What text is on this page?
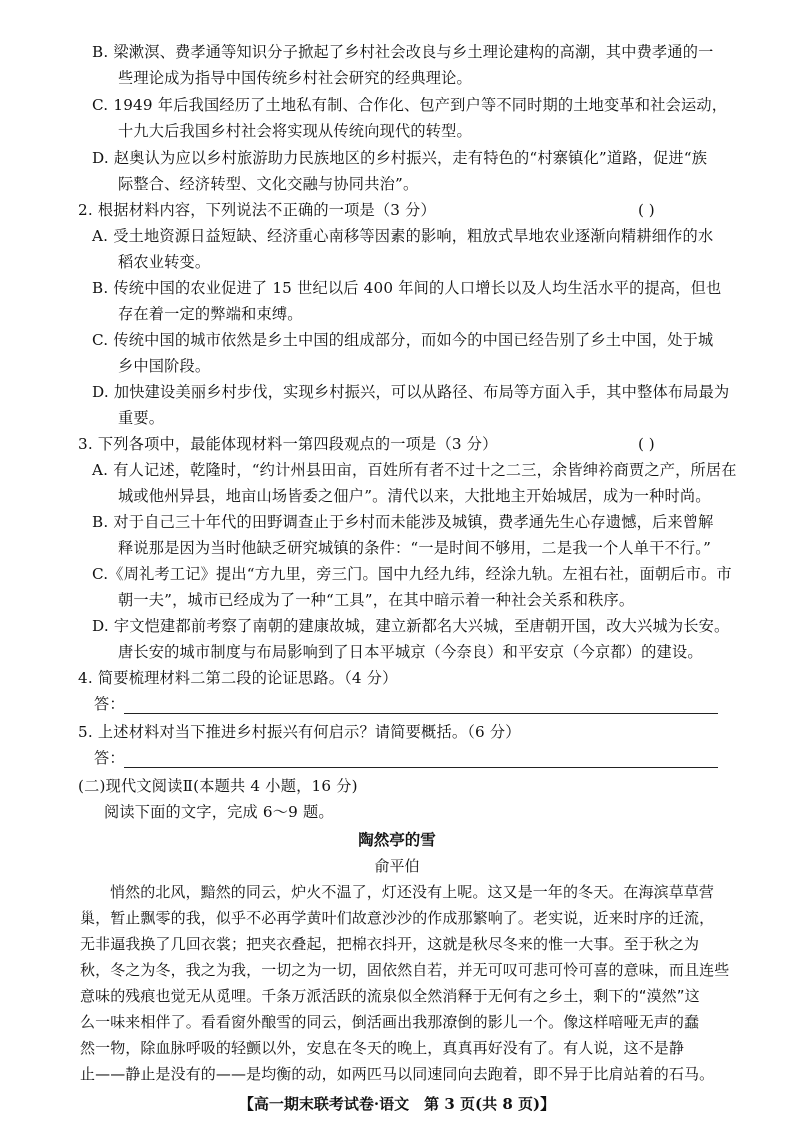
B. 梁漱溟、费孝通等知识分子掀起了乡村社会改良与乡土理论建构的高潮，其中费孝通的一
些理论成为指导中国传统乡村社会研究的经典理论。
C. 1949 年后我国经历了土地私有制、合作化、包产到户等不同时期的土地变革和社会运动，
十九大后我国乡村社会将实现从传统向现代的转型。
D. 赵奥认为应以乡村旅游助力民族地区的乡村振兴，走有特色的“村寨镇化”道路，促进“族
际整合、经济转型、文化交融与协同共治”。
2. 根据材料内容，下列说法不正确的一项是（3 分）	( )
A. 受土地资源日益短缺、经济重心南移等因素的影响，粗放式旱地农业逐渐向精耕细作的水
稻农业转变。
B. 传统中国的农业促进了 15 世纪以后 400 年间的人口增长以及人均生活水平的提高，但也
存在着一定的弊端和束缚。
C. 传统中国的城市依然是乡土中国的组成部分，而如今的中国已经告别了乡土中国，处于城
乡中国阶段。
D. 加快建设美丽乡村步伐，实现乡村振兴，可以从路径、布局等方面入手，其中整体布局最为
重要。
3. 下列各项中，最能体现材料一第四段观点的一项是（3 分）	( )
A. 有人记述，乾隆时，“约计州县田亩，百姓所有者不过十之二三，余皆绅衿商贾之产，所居在
城或他州异县，地亩山场皆委之佃户”。清代以来，大批地主开始城居，成为一种时尚。
B. 对于自己三十年代的田野调查止于乡村而未能涉及城镇，费孝通先生心存遗憾，后来曾解
释说那是因为当时他缺乏研究城镇的条件：“一是时间不够用，二是我一个人单干不行。”
C.《周礼考工记》提出“方九里，旁三门。国中九经九纬，经涂九轨。左祖右社，面朝后市。市
朝一夫”，城市已经成为了一种“工具”，在其中暗示着一种社会关系和秩序。
D. 宇文恺建都前考察了南朝的建康故城，建立新都名大兴城，至唐朝开国，改大兴城为长安。
唐长安的城市制度与布局影响到了日本平城京（今奈良）和平安京（今京都）的建设。
4. 简要梳理材料二第二段的论证思路。（4 分）
答：
5. 上述材料对当下推进乡村振兴有何启示？请简要概括。（6 分）
答：
(二)现代文阅读Ⅱ(本题共 4 小题，16 分)
阅读下面的文字，完成 6～9 题。
陶然亭的雪
俞平伯
悄然的北风，黯然的同云，炉火不温了，灯还没有上呢。这又是一年的冬天。在海滨草草营
巢，暂止飘零的我，似乎不必再学黄叶们故意沙沙的作成那繁响了。老实说，近来时序的迁流，
无非逼我换了几回衣裳；把夹衣叠起，把棉衣抖开，这就是秋尽冬来的惟一大事。至于秋之为
秋，冬之为冬，我之为我，一切之为一切，固依然自若，并无可叹可悲可怜可喜的意味，而且连些
意味的残痕也觉无从觅哩。千条万派活跃的流泉似全然消释于无何有之乡土，剩下的“漠然”这
么一味来相伴了。看看窗外酿雪的同云，倒活画出我那潦倒的影儿一个。像这样喑哑无声的蠢
然一物，除血脉呼吸的轻颤以外，安息在冬天的晚上，真真再好没有了。有人说，这不是静
止——静止是没有的——是均衡的动，如两匹马以同速同向去跑着，即不异于比肩站着的石马。
【高一期末联考试卷·语文　第 3 页(共 8 页)】
